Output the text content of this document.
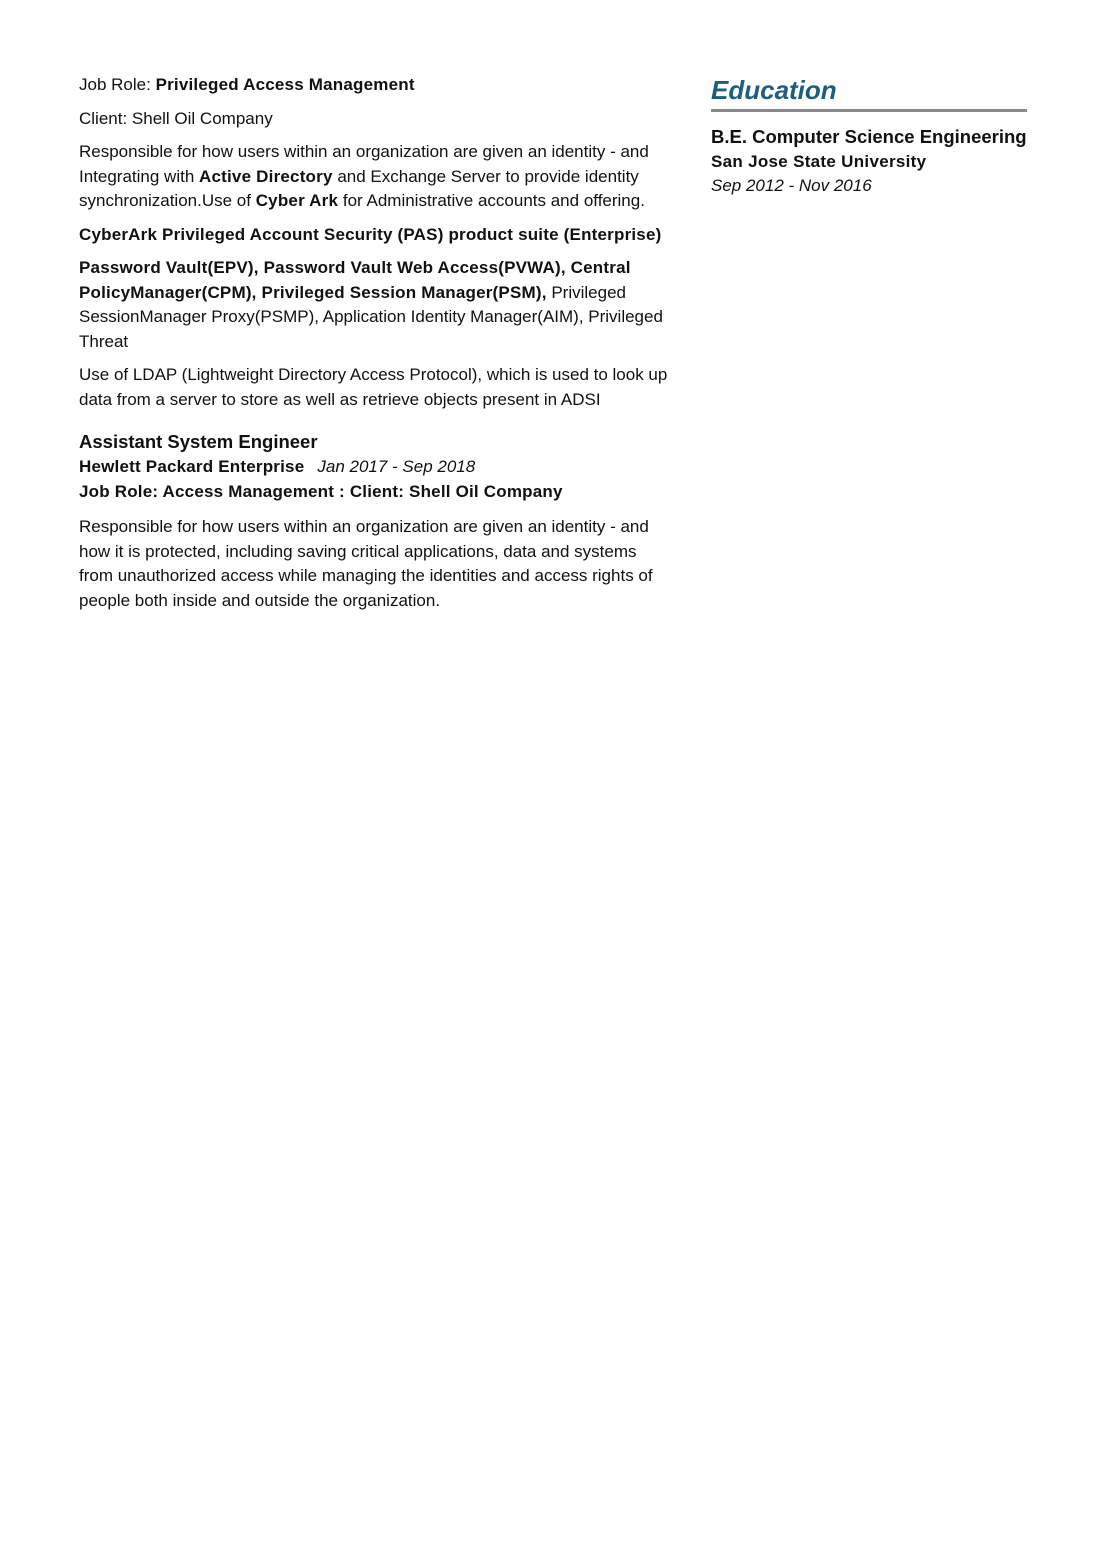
Job Role: Privileged Access Management

Client: Shell Oil Company

Responsible for how users within an organization are given an identity - and Integrating with Active Directory and Exchange Server to provide identity synchronization.Use of Cyber Ark for Administrative accounts and offering.

CyberArk Privileged Account Security (PAS) product suite (Enterprise)

Password Vault(EPV), Password Vault Web Access(PVWA), Central PolicyManager(CPM), Privileged Session Manager(PSM), Privileged SessionManager Proxy(PSMP), Application Identity Manager(AIM), Privileged Threat

Use of LDAP (Lightweight Directory Access Protocol), which is used to look up data from a server to store as well as retrieve objects present in ADSI

Assistant System Engineer

Hewlett Packard Enterprise Jan 2017 - Sep 2018

Job Role: Access Management : Client: Shell Oil Company

Responsible for how users within an organization are given an identity - and how it is protected, including saving critical applications, data and systems from unauthorized access while managing the identities and access rights of people both inside and outside the organization.

Education
B.E. Computer Science Engineering
San Jose State University
Sep 2012 - Nov 2016
